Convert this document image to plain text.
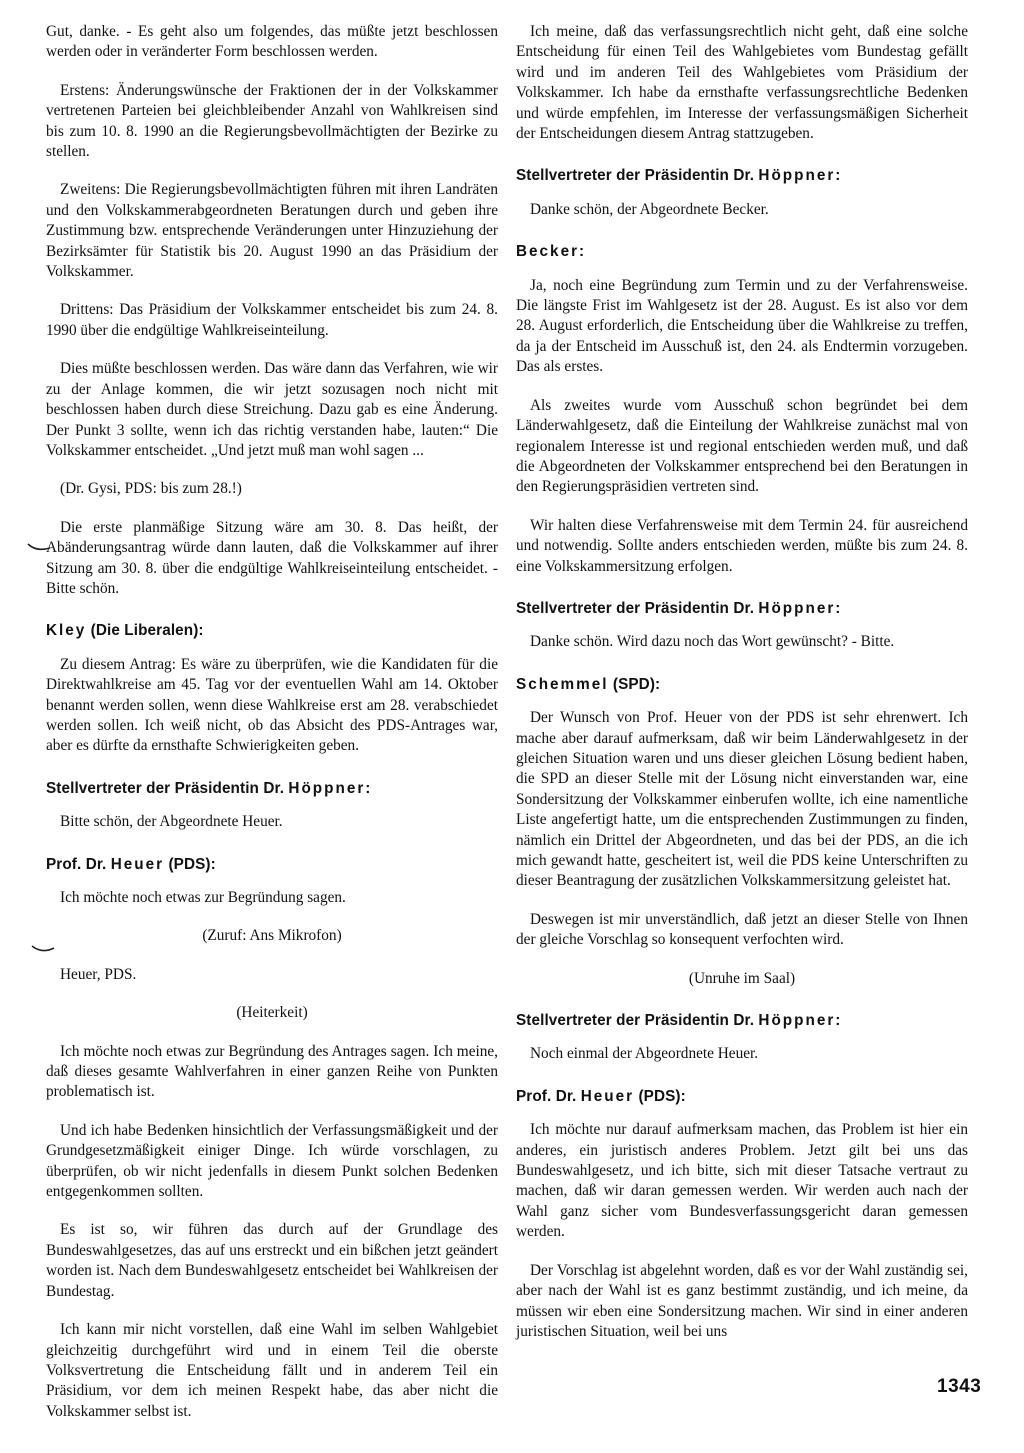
Gut, danke. - Es geht also um folgendes, das müßte jetzt beschlossen werden oder in veränderter Form beschlossen werden.

Erstens: Änderungswünsche der Fraktionen der in der Volkskammer vertretenen Parteien bei gleichbleibender Anzahl von Wahlkreisen sind bis zum 10. 8. 1990 an die Regierungsbevollmächtigten der Bezirke zu stellen.

Zweitens: Die Regierungsbevollmächtigten führen mit ihren Landräten und den Volkskammerabgeordneten Beratungen durch und geben ihre Zustimmung bzw. entsprechende Veränderungen unter Hinzuziehung der Bezirksämter für Statistik bis 20. August 1990 an das Präsidium der Volkskammer.

Drittens: Das Präsidium der Volkskammer entscheidet bis zum 24. 8. 1990 über die endgültige Wahlkreiseinteilung.

Dies müßte beschlossen werden. Das wäre dann das Verfahren, wie wir zu der Anlage kommen, die wir jetzt sozusagen noch nicht mit beschlossen haben durch diese Streichung. Dazu gab es eine Änderung. Der Punkt 3 sollte, wenn ich das richtig verstanden habe, lauten:“ Die Volkskammer entscheidet. „Und jetzt muß man wohl sagen ...

(Dr. Gysi, PDS: bis zum 28.!)

Die erste planmäßige Sitzung wäre am 30. 8. Das heißt, der Abänderungsantrag würde dann lauten, daß die Volkskammer auf ihrer Sitzung am 30. 8. über die endgültige Wahlkreiseinteilung entscheidet. - Bitte schön.

Kley (Die Liberalen):

Zu diesem Antrag: Es wäre zu überprüfen, wie die Kandidaten für die Direktwahlkreise am 45. Tag vor der eventuellen Wahl am 14. Oktober benannt werden sollen, wenn diese Wahlkreise erst am 28. verabschiedet werden sollen. Ich weiß nicht, ob das Absicht des PDS-Antrages war, aber es dürfte da ernsthafte Schwierigkeiten geben.

Stellvertreter der Präsidentin Dr. Höppner:

Bitte schön, der Abgeordnete Heuer.

Prof. Dr. Heuer (PDS):

Ich möchte noch etwas zur Begründung sagen.

(Zuruf: Ans Mikrofon)

Heuer, PDS.

(Heiterkeit)

Ich möchte noch etwas zur Begründung des Antrages sagen. Ich meine, daß dieses gesamte Wahlverfahren in einer ganzen Reihe von Punkten problematisch ist.

Und ich habe Bedenken hinsichtlich der Verfassungsmäßigkeit und der Grundgesetzmäßigkeit einiger Dinge. Ich würde vorschlagen, zu überprüfen, ob wir nicht jedenfalls in diesem Punkt solchen Bedenken entgegenkommen sollten.

Es ist so, wir führen das durch auf der Grundlage des Bundeswahlgesetzes, das auf uns erstreckt und ein bißchen jetzt geändert worden ist. Nach dem Bundeswahlgesetz entscheidet bei Wahlkreisen der Bundestag.

Ich kann mir nicht vorstellen, daß eine Wahl im selben Wahlgebiet gleichzeitig durchgeführt wird und in einem Teil die oberste Volksvertretung die Entscheidung fällt und in anderem Teil ein Präsidium, vor dem ich meinen Respekt habe, das aber nicht die Volkskammer selbst ist.

Ich meine, daß das verfassungsrechtlich nicht geht, daß eine solche Entscheidung für einen Teil des Wahlgebietes vom Bundestag gefällt wird und im anderen Teil des Wahlgebietes vom Präsidium der Volkskammer. Ich habe da ernsthafte verfassungsrechtliche Bedenken und würde empfehlen, im Interesse der verfassungsmäßigen Sicherheit der Entscheidungen diesem Antrag stattzugeben.

Stellvertreter der Präsidentin Dr. Höppner:

Danke schön, der Abgeordnete Becker.

Becker:

Ja, noch eine Begründung zum Termin und zu der Verfahrensweise. Die längste Frist im Wahlgesetz ist der 28. August. Es ist also vor dem 28. August erforderlich, die Entscheidung über die Wahlkreise zu treffen, da ja der Entscheid im Ausschuß ist, den 24. als Endtermin vorzugeben. Das als erstes.

Als zweites wurde vom Ausschuß schon begründet bei dem Länderwahlgesetz, daß die Einteilung der Wahlkreise zunächst mal von regionalem Interesse ist und regional entschieden werden muß, und daß die Abgeordneten der Volkskammer entsprechend bei den Beratungen in den Regierungspräsidien vertreten sind.

Wir halten diese Verfahrensweise mit dem Termin 24. für ausreichend und notwendig. Sollte anders entschieden werden, müßte bis zum 24. 8. eine Volkskammersitzung erfolgen.

Stellvertreter der Präsidentin Dr. Höppner:

Danke schön. Wird dazu noch das Wort gewünscht? - Bitte.

Schemmel (SPD):

Der Wunsch von Prof. Heuer von der PDS ist sehr ehrenwert. Ich mache aber darauf aufmerksam, daß wir beim Länderwahlgesetz in der gleichen Situation waren und uns dieser gleichen Lösung bedient haben, die SPD an dieser Stelle mit der Lösung nicht einverstanden war, eine Sondersitzung der Volkskammer einberufen wollte, ich eine namentliche Liste angefertigt hatte, um die entsprechenden Zustimmungen zu finden, nämlich ein Drittel der Abgeordneten, und das bei der PDS, an die ich mich gewandt hatte, gescheitert ist, weil die PDS keine Unterschriften zu dieser Beantragung der zusätzlichen Volkskammersitzung geleistet hat.

Deswegen ist mir unverständlich, daß jetzt an dieser Stelle von Ihnen der gleiche Vorschlag so konsequent verfochten wird.

(Unruhe im Saal)

Stellvertreter der Präsidentin Dr. Höppner:

Noch einmal der Abgeordnete Heuer.

Prof. Dr. Heuer (PDS):

Ich möchte nur darauf aufmerksam machen, das Problem ist hier ein anderes, ein juristisch anderes Problem. Jetzt gilt bei uns das Bundeswahlgesetz, und ich bitte, sich mit dieser Tatsache vertraut zu machen, daß wir daran gemessen werden. Wir werden auch nach der Wahl ganz sicher vom Bundesverfassungsgericht daran gemessen werden.

Der Vorschlag ist abgelehnt worden, daß es vor der Wahl zuständig sei, aber nach der Wahl ist es ganz bestimmt zuständig, und ich meine, da müssen wir eben eine Sondersitzung machen. Wir sind in einer anderen juristischen Situation, weil bei uns

1343
